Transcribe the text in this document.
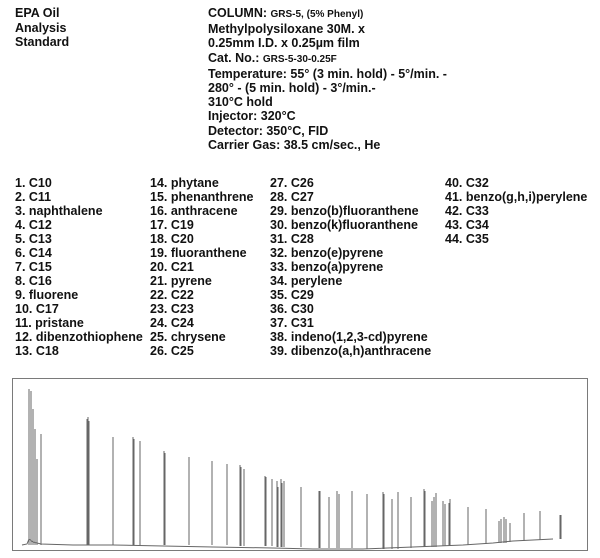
EPA Oil
Analysis
Standard
COLUMN: GRS-5, (5% Phenyl)
Methylpolysiloxane 30M. x
0.25mm I.D. x 0.25µm film
Cat. No.: GRS-5-30-0.25F
Temperature: 55° (3 min. hold) - 5°/min. -
280° - (5 min. hold) - 3°/min.-
310°C hold
Injector: 320°C
Detector: 350°C, FID
Carrier Gas: 38.5 cm/sec., He
1. C10
2. C11
3. naphthalene
4. C12
5. C13
6. C14
7. C15
8. C16
9. fluorene
10. C17
11. pristane
12. dibenzothiophene
13. C18
14. phytane
15. phenanthrene
16. anthracene
17. C19
18. C20
19. fluoranthene
20. C21
21. pyrene
22. C22
23. C23
24. C24
25. chrysene
26. C25
27. C26
28. C27
29. benzo(b)fluoranthene
30. benzo(k)fluoranthene
31. C28
32. benzo(e)pyrene
33. benzo(a)pyrene
34. perylene
35. C29
36. C30
37. C31
38. indeno(1,2,3-cd)pyrene
39. dibenzo(a,h)anthracene
40. C32
41. benzo(g,h,i)perylene
42. C33
43. C34
44. C35
